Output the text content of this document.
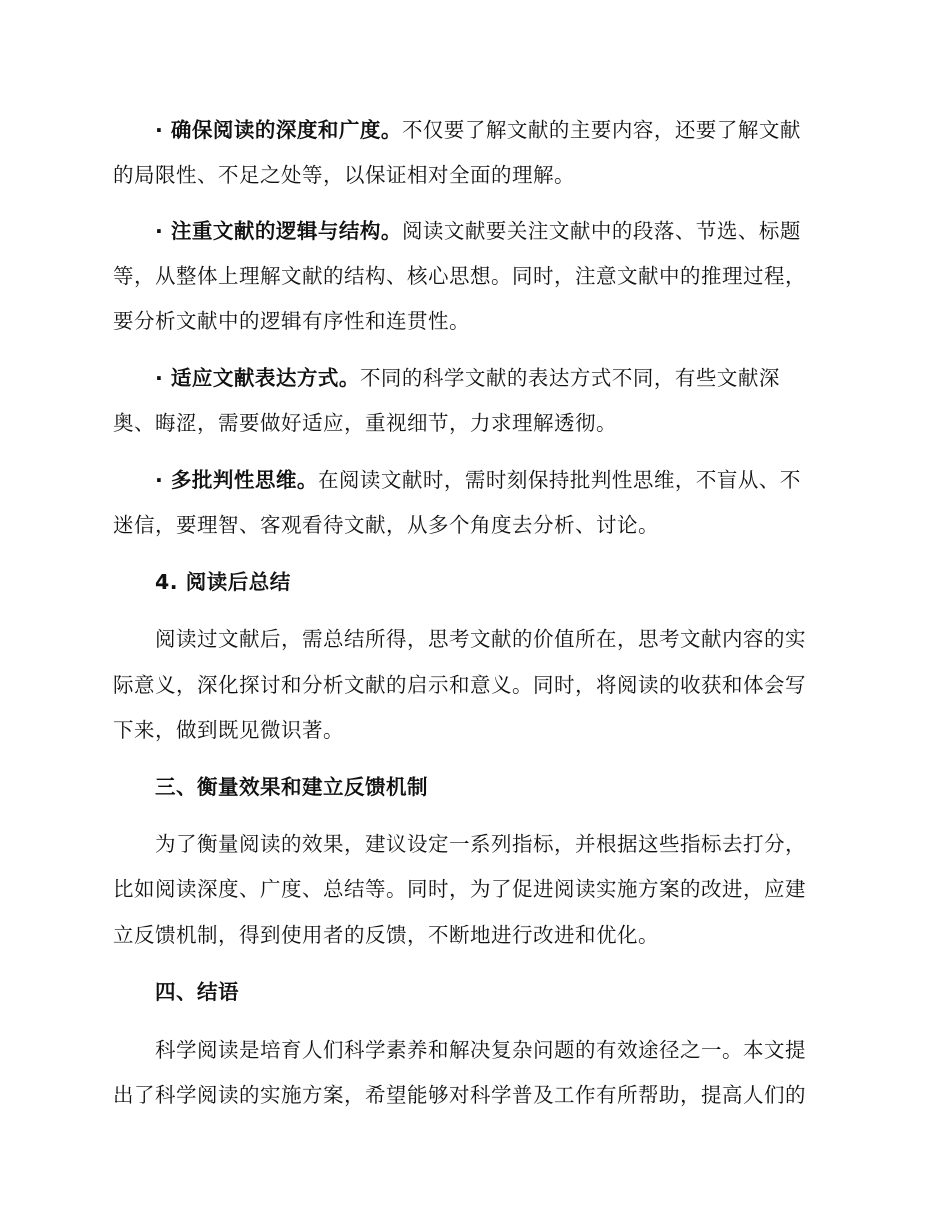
· 确保阅读的深度和广度。不仅要了解文献的主要内容，还要了解文献
的局限性、不足之处等，以保证相对全面的理解。
· 注重文献的逻辑与结构。阅读文献要关注文献中的段落、节选、标题
等，从整体上理解文献的结构、核心思想。同时，注意文献中的推理过程，
要分析文献中的逻辑有序性和连贯性。
· 适应文献表达方式。不同的科学文献的表达方式不同，有些文献深
奥、晦涩，需要做好适应，重视细节，力求理解透彻。
· 多批判性思维。在阅读文献时，需时刻保持批判性思维，不盲从、不
迷信，要理智、客观看待文献，从多个角度去分析、讨论。
4. 阅读后总结
阅读过文献后，需总结所得，思考文献的价值所在，思考文献内容的实
际意义，深化探讨和分析文献的启示和意义。同时，将阅读的收获和体会写
下来，做到既见微识著。
三、衡量效果和建立反馈机制
为了衡量阅读的效果，建议设定一系列指标，并根据这些指标去打分，
比如阅读深度、广度、总结等。同时，为了促进阅读实施方案的改进，应建
立反馈机制，得到使用者的反馈，不断地进行改进和优化。
四、结语
科学阅读是培育人们科学素养和解决复杂问题的有效途径之一。本文提
出了科学阅读的实施方案，希望能够对科学普及工作有所帮助，提高人们的
